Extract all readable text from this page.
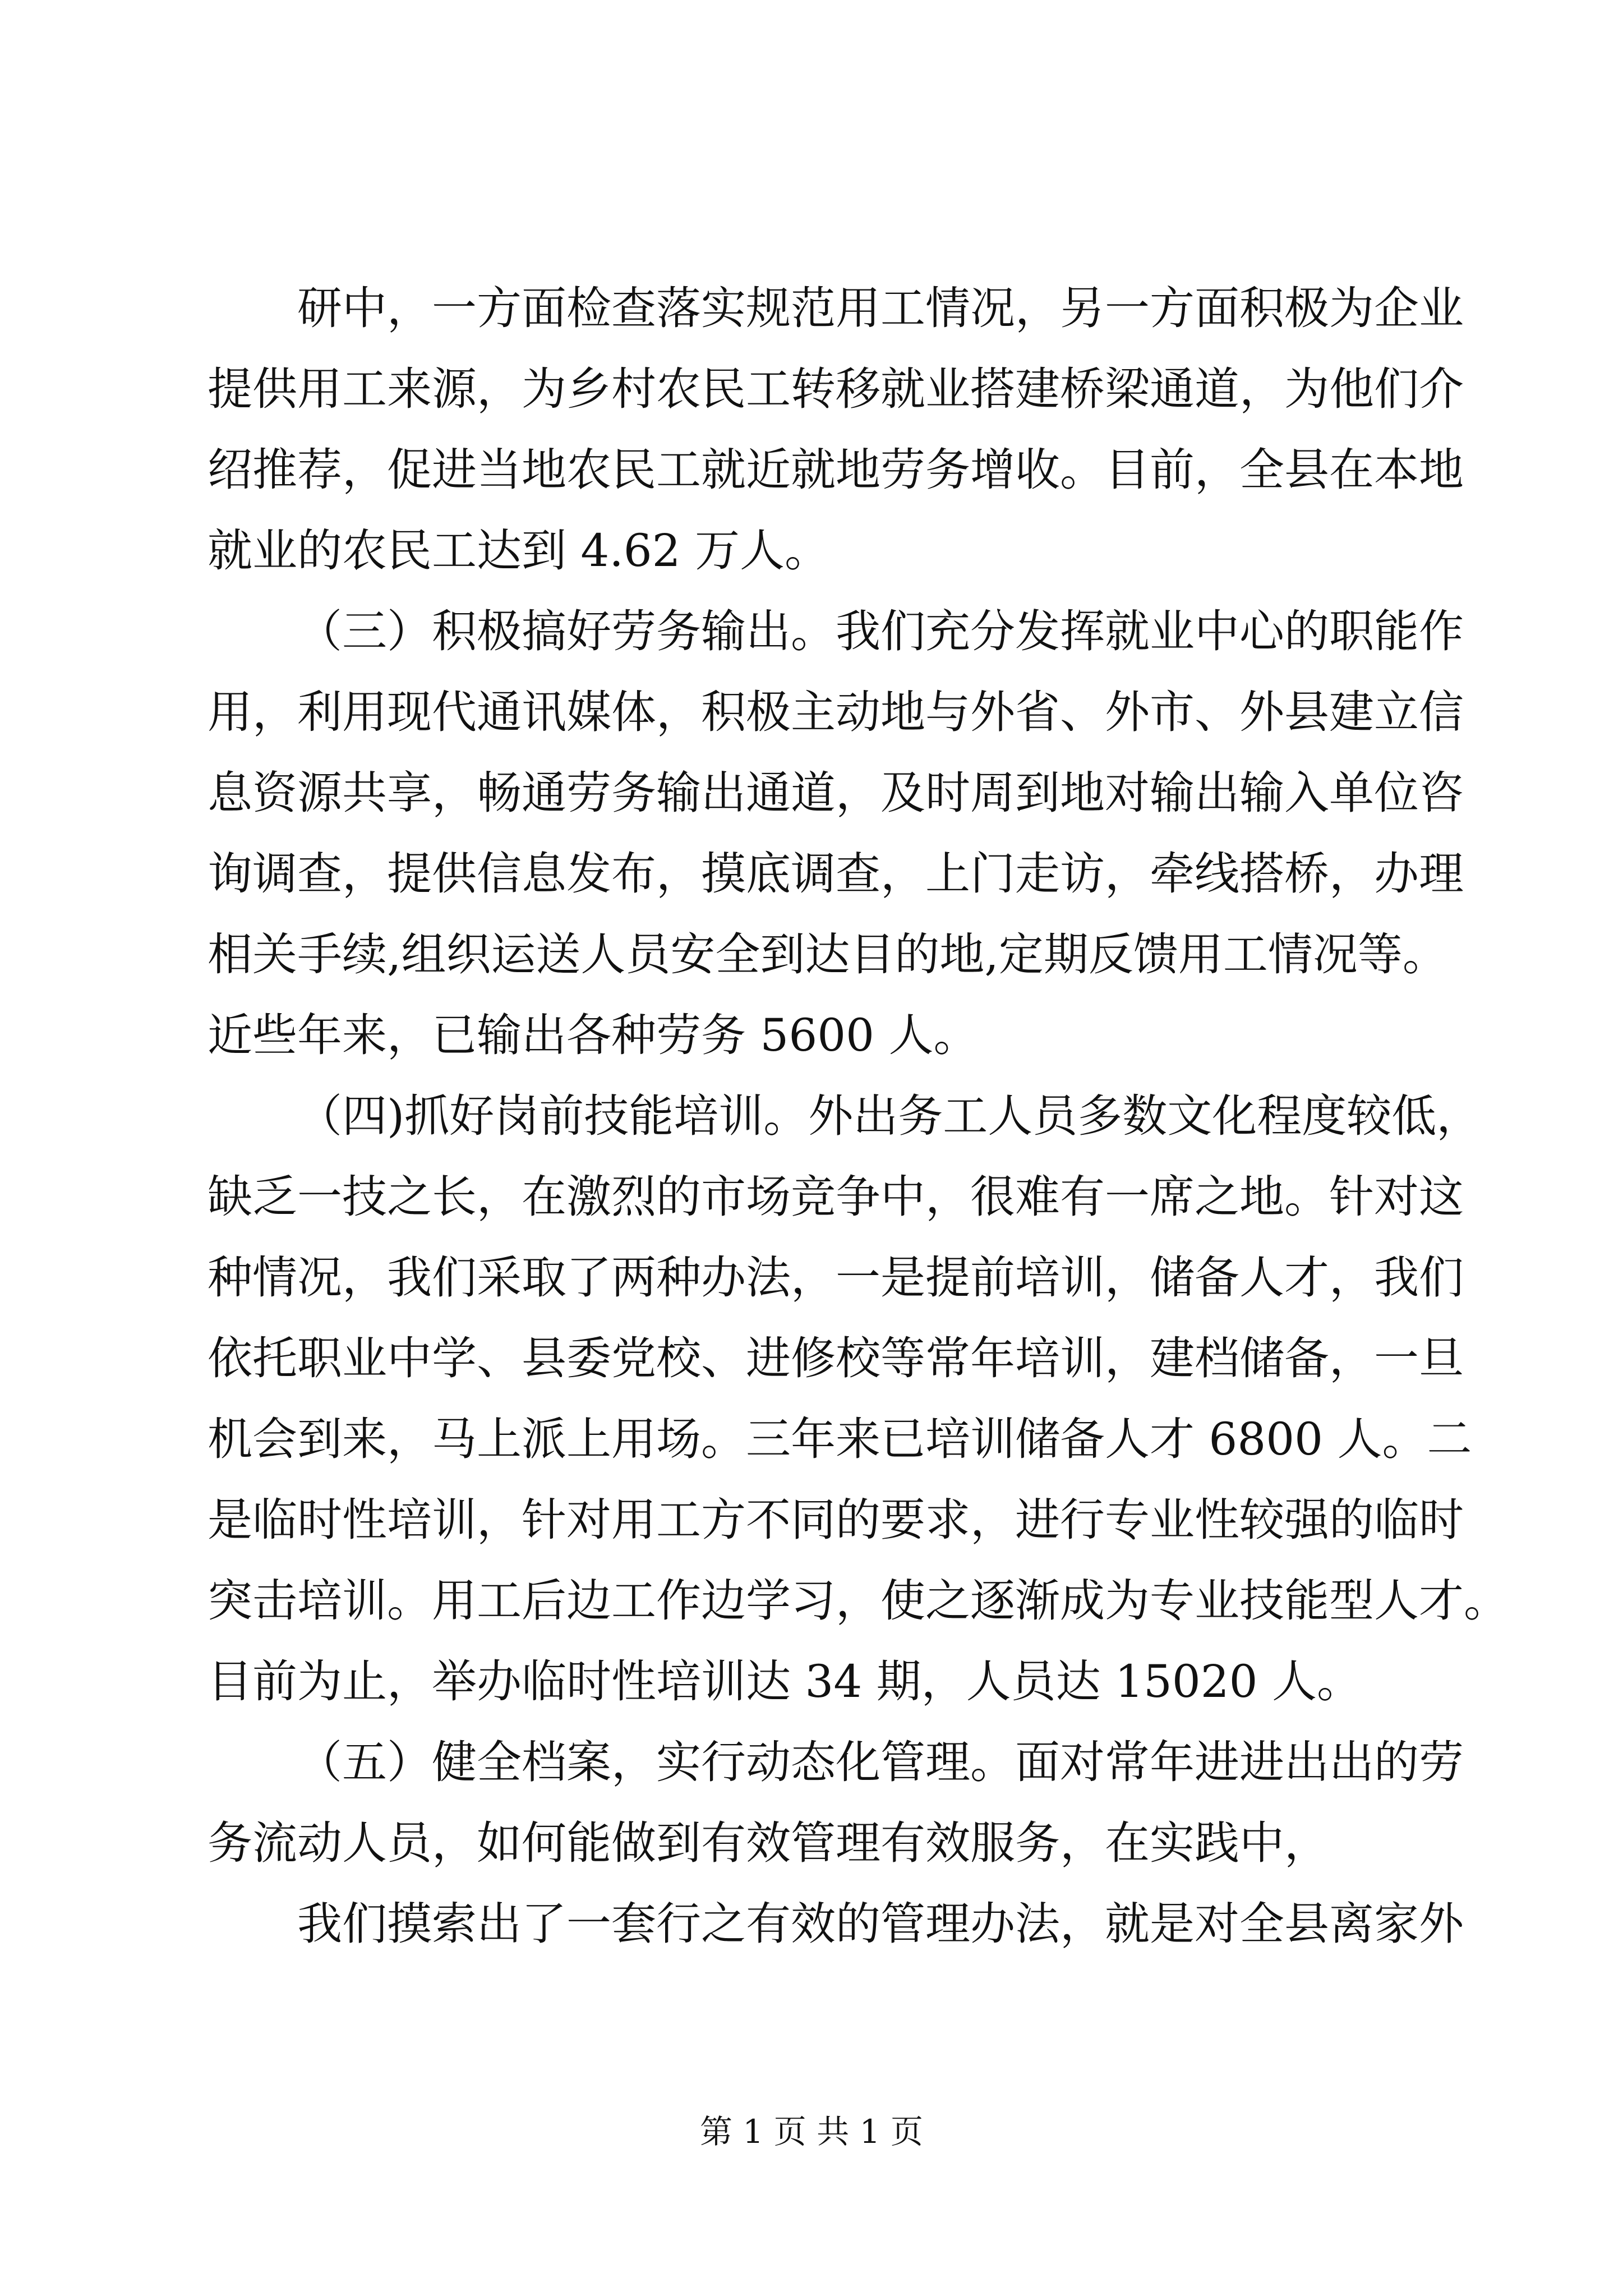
研中，一方面检查落实规范用工情况，另一方面积极为企业
提供用工来源，为乡村农民工转移就业搭建桥梁通道，为他们介
绍推荐，促进当地农民工就近就地劳务增收。目前，全县在本地
就业的农民工达到 4.62 万人。
（三）积极搞好劳务输出。我们充分发挥就业中心的职能作
用，利用现代通讯媒体，积极主动地与外省、外市、外县建立信
息资源共享，畅通劳务输出通道，及时周到地对输出输入单位咨
询调查，提供信息发布，摸底调查，上门走访，牵线搭桥，办理
相关手续,组织运送人员安全到达目的地,定期反馈用工情况等。
近些年来，已输出各种劳务 5600 人。
（四)抓好岗前技能培训。外出务工人员多数文化程度较低，
缺乏一技之长，在激烈的市场竞争中，很难有一席之地。针对这
种情况，我们采取了两种办法，一是提前培训，储备人才，我们
依托职业中学、县委党校、进修校等常年培训，建档储备，一旦
机会到来，马上派上用场。三年来已培训储备人才 6800 人。二
是临时性培训，针对用工方不同的要求，进行专业性较强的临时
突击培训。用工后边工作边学习，使之逐渐成为专业技能型人才。
目前为止，举办临时性培训达 34 期，人员达 15020 人。
（五）健全档案，实行动态化管理。面对常年进进出出的劳
务流动人员，如何能做到有效管理有效服务，在实践中，
我们摸索出了一套行之有效的管理办法，就是对全县离家外
第 1 页 共 1 页
